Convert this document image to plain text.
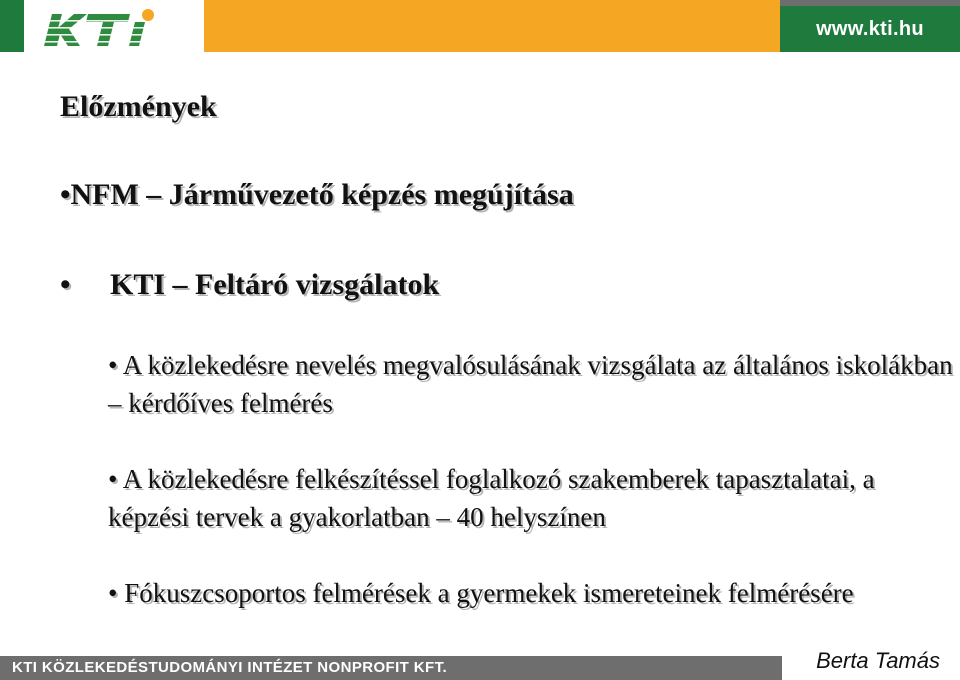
www.kti.hu
Előzmények
•NFM – Járművezető képzés megújítása
•	KTI – Feltáró vizsgálatok
• A közlekedésre nevelés megvalósulásának vizsgálata az általános iskolákban – kérdőíves felmérés
• A közlekedésre felkészítéssel foglalkozó szakemberek tapasztalatai, a képzési tervek a gyakorlatban – 40 helyszínen
• Fókuszcsoportos felmérések a gyermekek ismereteinek felmérésére
KTI KÖZLEKEDÉSTUDOMÁNYI INTÉZET NONPROFIT KFT.	Berta Tamás
